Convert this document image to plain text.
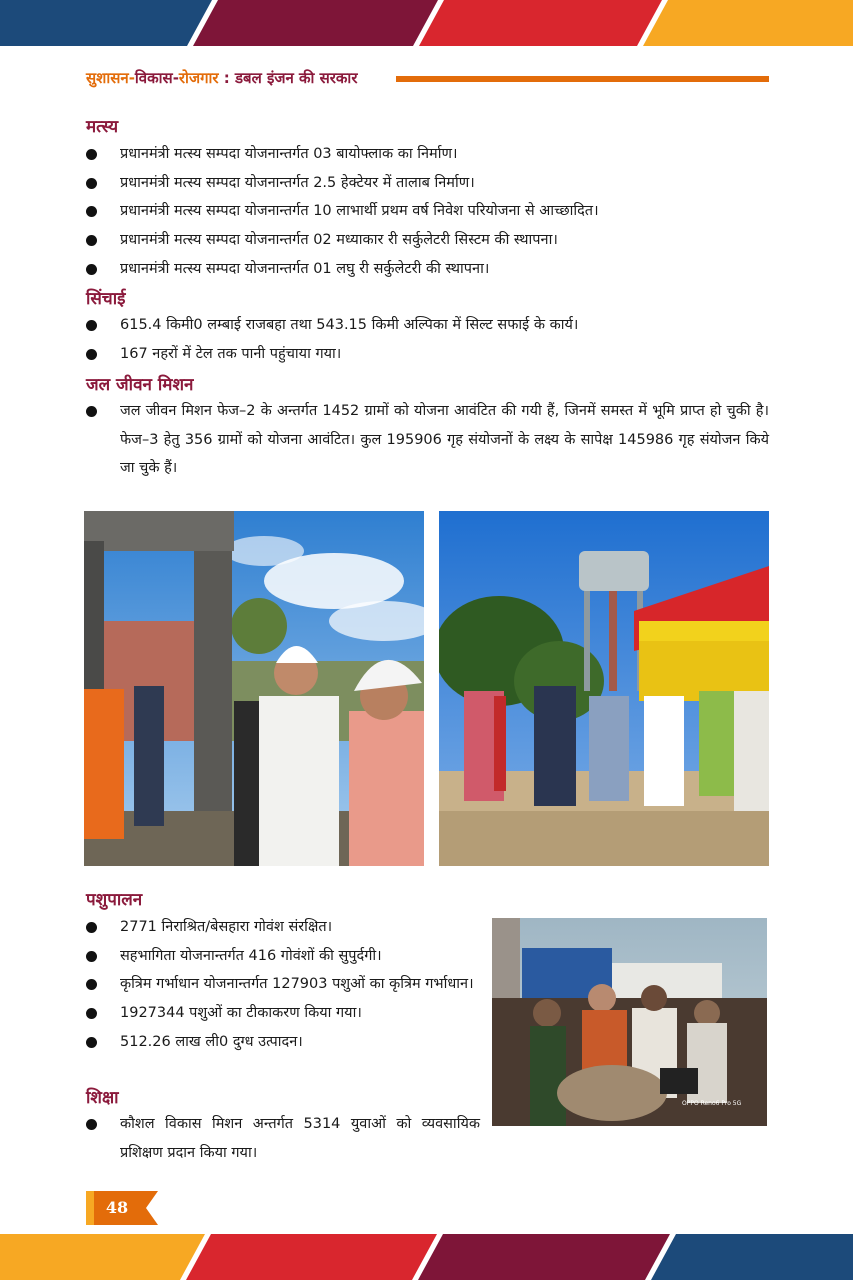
सुशासन-विकास-रोजगार : डबल इंजन की सरकार
मत्स्य
प्रधानमंत्री मत्स्य सम्पदा योजनान्तर्गत 03 बायोफ्लाक का निर्माण।
प्रधानमंत्री मत्स्य सम्पदा योजनान्तर्गत 2.5 हेक्टेयर में तालाब निर्माण।
प्रधानमंत्री मत्स्य सम्पदा योजनान्तर्गत 10 लाभार्थी प्रथम वर्ष निवेश परियोजना से आच्छादित।
प्रधानमंत्री मत्स्य सम्पदा योजनान्तर्गत 02 मध्याकार री सर्कुलेटरी सिस्टम की स्थापना।
प्रधानमंत्री मत्स्य सम्पदा योजनान्तर्गत 01 लघु री सर्कुलेटरी की स्थापना।
सिंचाई
615.4 किमी0 लम्बाई राजबहा तथा 543.15 किमी अल्पिका में सिल्ट सफाई के कार्य।
167 नहरों में टेल तक पानी पहुंचाया गया।
जल जीवन मिशन
जल जीवन मिशन फेज–2 के अन्तर्गत 1452 ग्रामों को योजना आवंटित की गयी हैं, जिनमें समस्त में भूमि प्राप्त हो चुकी है। फेज–3 हेतु 356 ग्रामों को योजना आवंटित। कुल 195906 गृह संयोजनों के लक्ष्य के सापेक्ष 145986 गृह संयोजन किये जा चुके हैं।
पशुपालन
2771 निराश्रित/बेसहारा गोवंश संरक्षित।
सहभागिता योजनान्तर्गत 416 गोवंशों की सुपुर्दगी।
कृत्रिम गर्भाधान योजनान्तर्गत 127903 पशुओं का कृत्रिम गर्भाधान।
1927344 पशुओं का टीकाकरण किया गया।
512.26 लाख ली0 दुग्ध उत्पादन।
शिक्षा
कौशल विकास मिशन अन्तर्गत 5314 युवाओं को व्यवसायिक प्रशिक्षण प्रदान किया गया।
OPPO Reno6 Pro 5G
48
